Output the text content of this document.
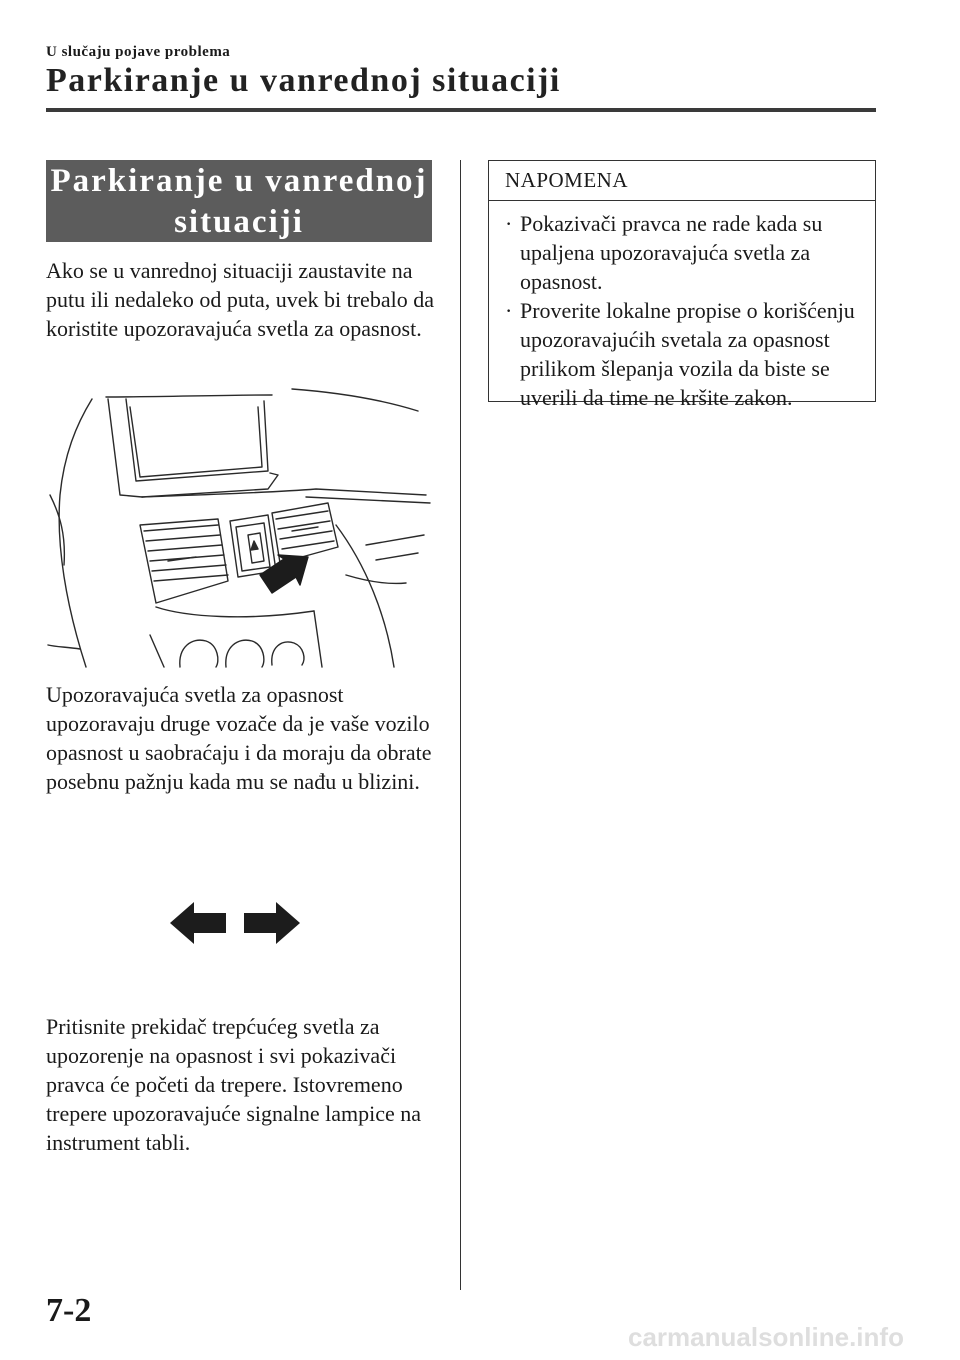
U slučaju pojave problema
Parkiranje u vanrednoj situaciji
Parkiranje u vanrednoj
situaciji
Ako se u vanrednoj situaciji zaustavite na putu ili nedaleko od puta, uvek bi trebalo da koristite upozoravajuća svetla za opasnost.
Upozoravajuća svetla za opasnost upozoravaju druge vozače da je vaše vozilo opasnost u saobraćaju i da moraju da obrate posebnu pažnju kada mu se nađu u blizini.
Pritisnite prekidač trepćućeg svetla za upozorenje na opasnost i svi pokazivači pravca će početi da trepere. Istovremeno trepere upozoravajuće signalne lampice na instrument tabli.
NAPOMENA
· Pokazivači pravca ne rade kada su upaljena upozoravajuća svetla za opasnost.
· Proverite lokalne propise o korišćenju upozoravajućih svetala za opasnost prilikom šlepanja vozila da biste se uverili da time ne kršite zakon.
7-2
carmanualsonline.info
